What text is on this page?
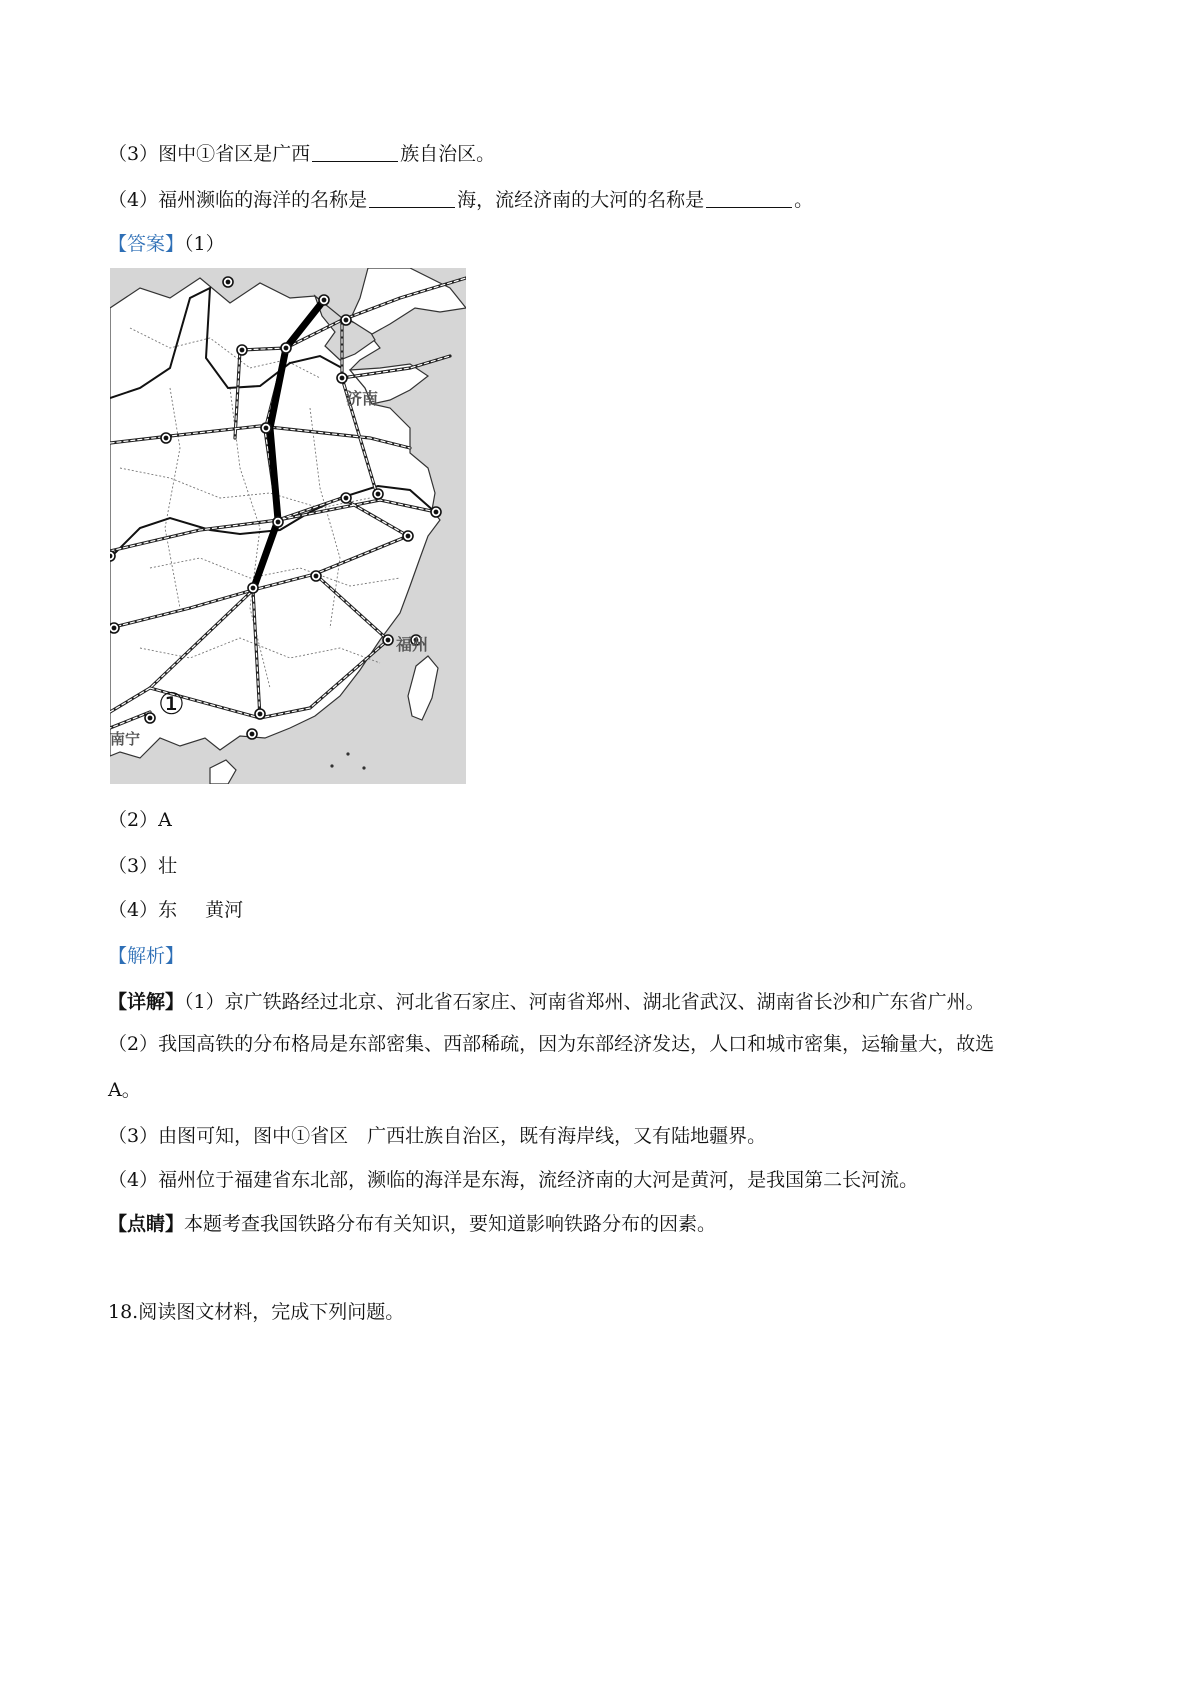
（3）图中①省区是广西	族自治区。
（4）福州濒临的海洋的名称是	海，流经济南的大河的名称是	。
【答案】（1）
济南
福州
南宁
①
（2）A
（3）壮
（4）东 黄河
【解析】
【详解】（1）京广铁路经过北京、河北省石家庄、河南省郑州、湖北省武汉、湖南省长沙和广东省广州。
（2）我国高铁的分布格局是东部密集、西部稀疏，因为东部经济发达，人口和城市密集，运输量大，故选
A。
（3）由图可知，图中①省区　广西壮族自治区，既有海岸线，又有陆地疆界。
（4）福州位于福建省东北部，濒临的海洋是东海，流经济南的大河是黄河，是我国第二长河流。
【点睛】本题考查我国铁路分布有关知识，要知道影响铁路分布的因素。
18.阅读图文材料，完成下列问题。
